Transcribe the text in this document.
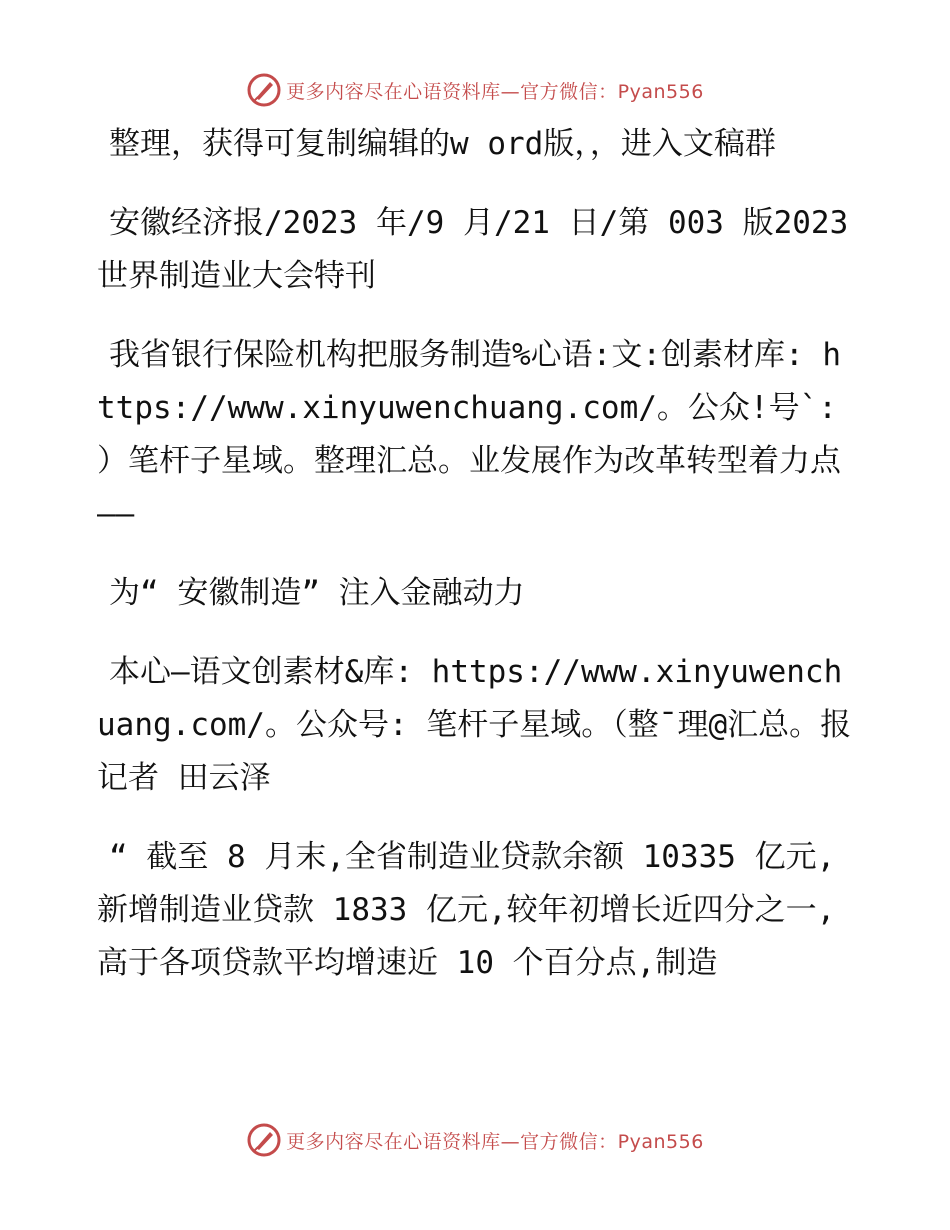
更多内容尽在心语资料库—官方微信：Pyan556

整理，获得可复制编辑的w ord版，，进入文稿群

安徽经济报/2023 年/9 月/21 日/第 003 版2023世界制造业大会特刊

我省银行保险机构把服务制造%心语:文:创素材库: https://www.xinyuwenchuang.com/。公众!号`: ）笔杆子星域。整理汇总。业发展作为改革转型着力点——

为“ 安徽制造” 注入金融动力

本心—语文创素材&库: https://www.xinyuwenchuang.com/。公众号: 笔杆子星域。（整¯理@汇总。报记者 田云泽

“ 截至 8 月末,全省制造业贷款余额 10335 亿元,新增制造业贷款 1833 亿元,较年初增长近四分之一,高于各项贷款平均增速近 10 个百分点,制造

更多内容尽在心语资料库—官方微信：Pyan556
